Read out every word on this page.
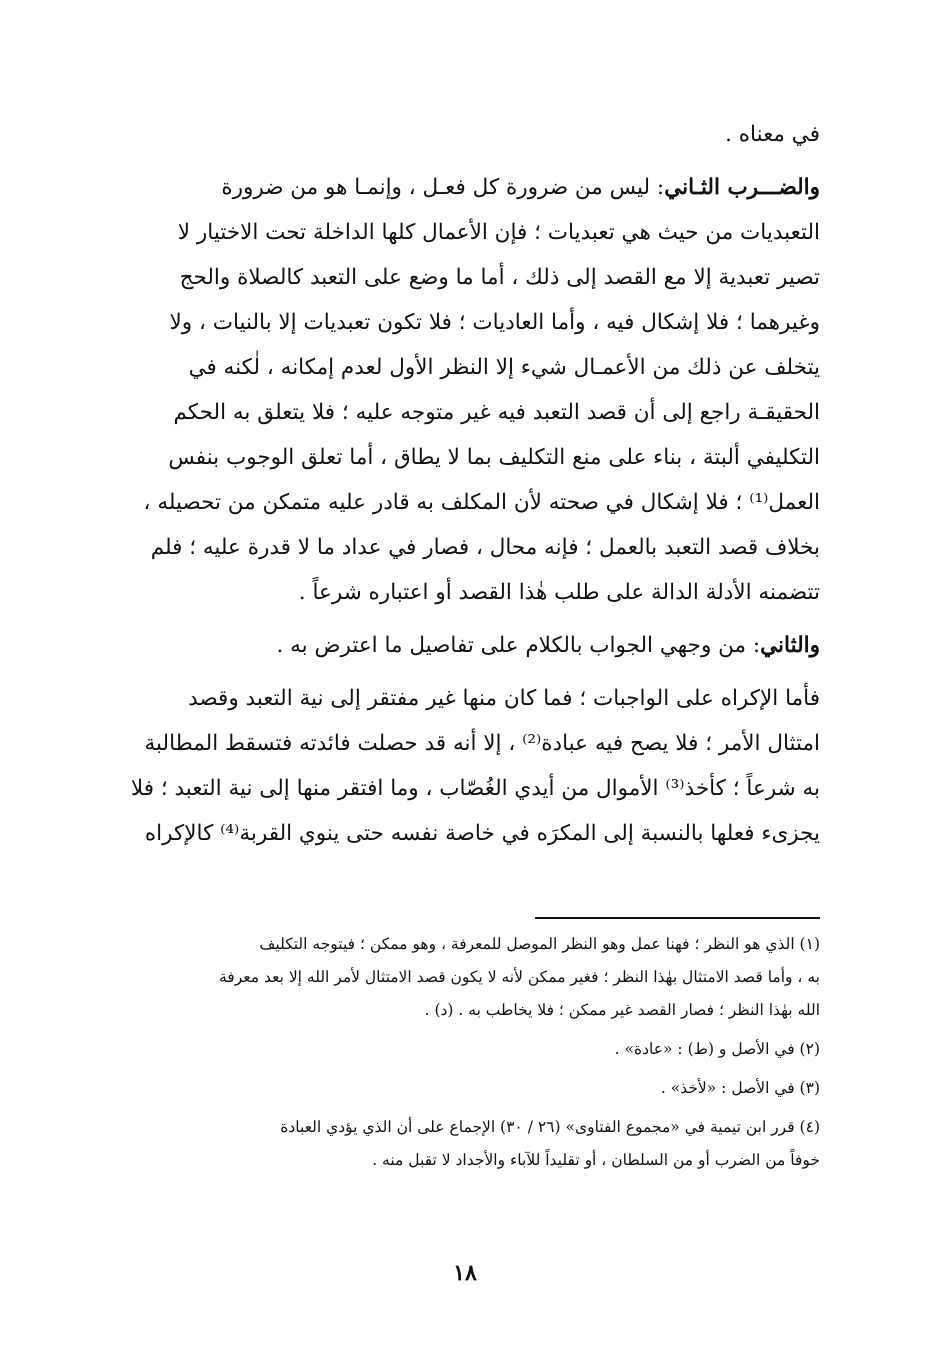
في معناه .
والضـــرب الثـاني: ليس من ضرورة كل فعـل ، وإنمـا هو من ضرورة
التعبديات من حيث هي تعبديات ؛ فإن الأعمال كلها الداخلة تحت الاختيار لا
تصير تعبدية إلا مع القصد إلى ذلك ، أما ما وضع على التعبد كالصلاة والحج
وغيرهما ؛ فلا إشكال فيه ، وأما العاديات ؛ فلا تكون تعبديات إلا بالنيات ، ولا
يتخلف عن ذلك من الأعمـال شيء إلا النظر الأول لعدم إمكانه ، لٰكنه في
الحقيقـة راجع إلى أن قصد التعبد فيه غير متوجه عليه ؛ فلا يتعلق به الحكم
التكليفي ألبتة ، بناء على منع التكليف بما لا يطاق ، أما تعلق الوجوب بنفس
العمل⁽¹⁾ ؛ فلا إشكال في صحته لأن المكلف به قادر عليه متمكن من تحصيله ،
بخلاف قصد التعبد بالعمل ؛ فإنه محال ، فصار في عداد ما لا قدرة عليه ؛ فلم
تتضمنه الأدلة الدالة على طلب هٰذا القصد أو اعتباره شرعاً .
والثاني: من وجهي الجواب بالكلام على تفاصيل ما اعترض به .
فأما الإكراه على الواجبات ؛ فما كان منها غير مفتقر إلى نية التعبد وقصد
امتثال الأمر ؛ فلا يصح فيه عبادة⁽²⁾ ، إلا أنه قد حصلت فائدته فتسقط المطالبة
به شرعاً ؛ كأخذ⁽³⁾ الأموال من أيدي الغُصّاب ، وما افتقر منها إلى نية التعبد ؛ فلا
يجزىء فعلها بالنسبة إلى المكرَه في خاصة نفسه حتى ينوي القربة⁽⁴⁾ كالإكراه
(١) الذي هو النظر ؛ فهنا عمل وهو النظر الموصل للمعرفة ، وهو ممكن ؛ فيتوجه التكليف
به ، وأما قصد الامتثال بهٰذا النظر ؛ فغير ممكن لأنه لا يكون قصد الامتثال لأمر الله إلا بعد معرفة
الله بهٰذا النظر ؛ فصار القصد غير ممكن ؛ فلا يخاطب به . (د) .
(٢) في الأصل و (ط) : «عادة» .
(٣) في الأصل : «لأخذ» .
(٤) قرر ابن تيمية في «مجموع الفتاوى» (٢٦ / ٣٠) الإجماع على أن الذي يؤدي العبادة
خوفاً من الضرب أو من السلطان ، أو تقليداً للآباء والأجداد لا تقبل منه .
١٨
